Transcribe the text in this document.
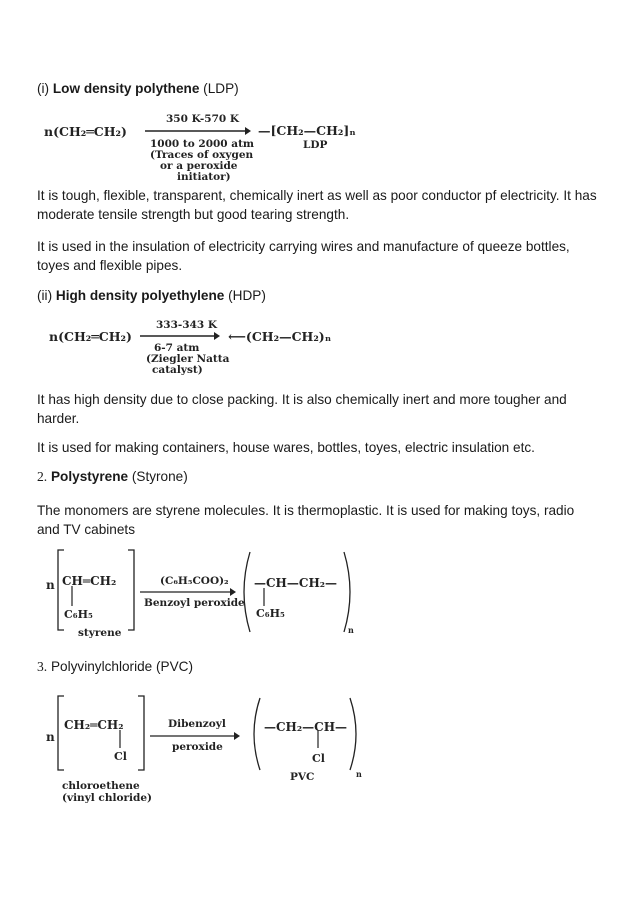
(i) Low density polythene (LDP)
n(CH₂═CH₂)
350 K-570 K
1000 to 2000 atm
(Traces of oxygen
or a peroxide
initiator)
—[CH₂—CH₂]ₙ
LDP
It is tough, flexible, transparent, chemically inert as well as poor conductor pf electricity. It has moderate tensile strength but good tearing strength.
It is used in the insulation of electricity carrying wires and manufacture of queeze bottles, toyes and flexible pipes.
(ii) High density polyethylene (HDP)
n(CH₂═CH₂)
333-343 K
6-7 atm
(Ziegler Natta
catalyst)
⟵(CH₂—CH₂)ₙ
It has high density due to close packing. It is also chemically inert and more tougher and harder.
It is used for making containers, house wares, bottles, toyes, electric insulation etc.
2. Polystyrene (Styrone)
The monomers are styrene molecules. It is thermoplastic. It is used for making toys, radio and TV cabinets
n CH═CH₂
C₆H₅
styrene
(C₆H₅COO)₂
Benzoyl peroxide
—CH—CH₂—
C₆H₅
n
3. Polyvinylchloride (PVC)
n
CH₂═CH₂
Cl
chloroethene
(vinyl chloride)
Dibenzoyl
peroxide
—CH₂—CH—
Cl
PVC	n
